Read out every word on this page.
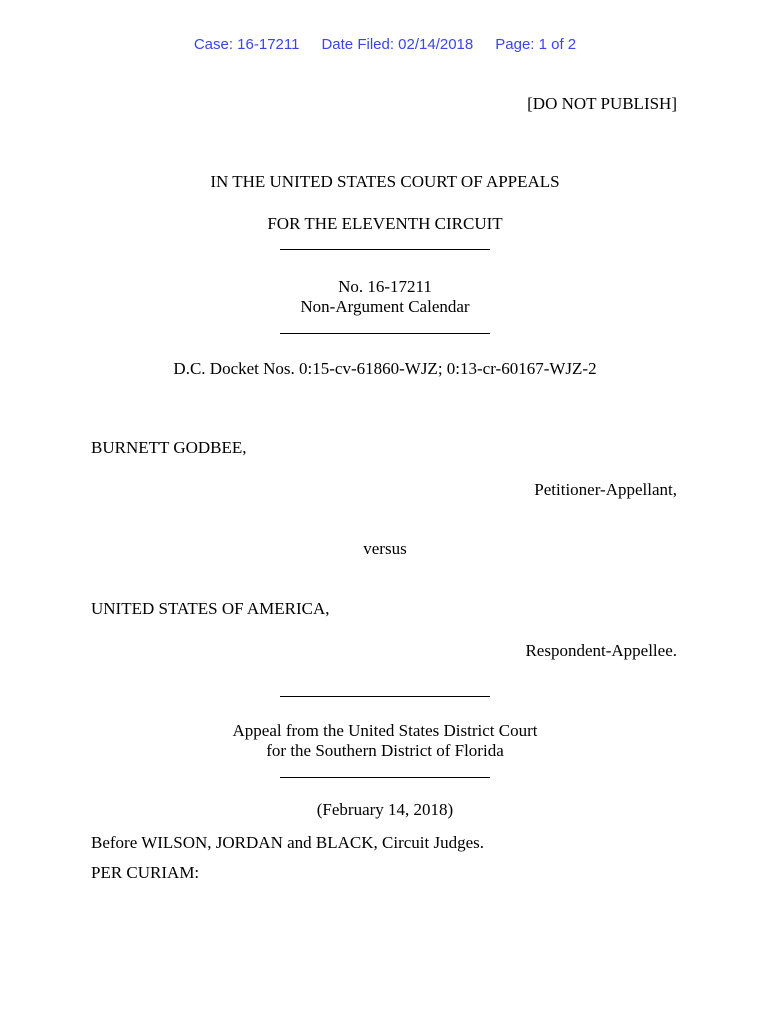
Case: 16-17211 Date Filed: 02/14/2018 Page: 1 of 2
[DO NOT PUBLISH]
IN THE UNITED STATES COURT OF APPEALS
FOR THE ELEVENTH CIRCUIT
No. 16-17211
Non-Argument Calendar
D.C. Docket Nos. 0:15-cv-61860-WJZ; 0:13-cr-60167-WJZ-2
BURNETT GODBEE,
Petitioner-Appellant,
versus
UNITED STATES OF AMERICA,
Respondent-Appellee.
Appeal from the United States District Court
for the Southern District of Florida
(February 14, 2018)
Before WILSON, JORDAN and BLACK, Circuit Judges.
PER CURIAM:
